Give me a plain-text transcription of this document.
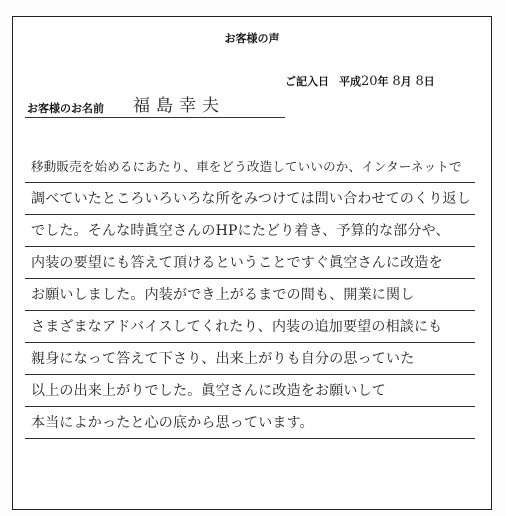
お客様の声
ご記入日 平成20年 8月 8日
お客様のお名前 福島幸夫
移動販売を始めるにあたり、車をどう改造していいのか、インターネットで
調べていたところいろいろな所をみつけては問い合わせてのくり返し
でした。そんな時眞空さんのHPにたどり着き、予算的な部分や、
内装の要望にも答えて頂けるということですぐ眞空さんに改造を
お願いしました。内装ができ上がるまでの間も、開業に関し
さまざまなアドバイスしてくれたり、内装の追加要望の相談にも
親身になって答えて下さり、出来上がりも自分の思っていた
以上の出来上がりでした。眞空さんに改造をお願いして
本当によかったと心の底から思っています。
